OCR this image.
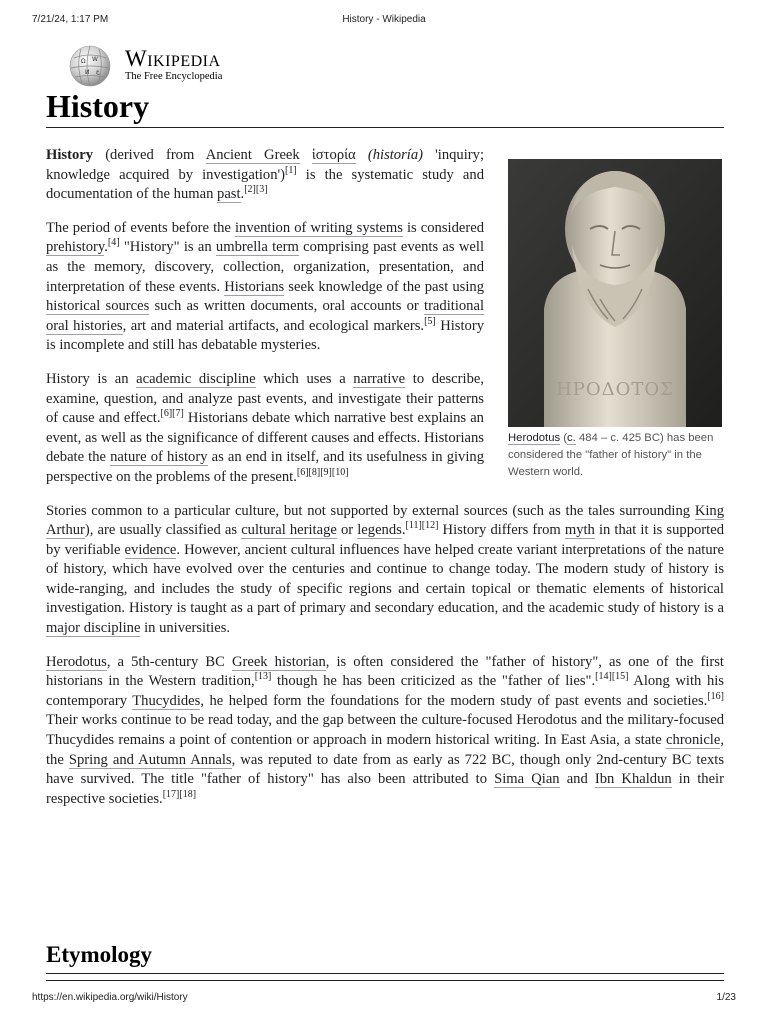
7/21/24, 1:17 PM	History - Wikipedia
Ω W
И ع
Wikipedia
The Free Encyclopedia
History
ΗΡΟΔΟΤΟΣ
Herodotus (c. 484 – c. 425 BC) has been considered the "father of history" in the Western world.

History (derived from Ancient Greek ἱστορία (historía) 'inquiry; knowledge acquired by investigation')[1] is the systematic study and documentation of the human past.[2][3]

The period of events before the invention of writing systems is considered prehistory.[4] "History" is an umbrella term comprising past events as well as the memory, discovery, collection, organization, presentation, and interpretation of these events. Historians seek knowledge of the past using historical sources such as written documents, oral accounts or traditional oral histories, art and material artifacts, and ecological markers.[5] History is incomplete and still has debatable mysteries.

History is an academic discipline which uses a narrative to describe, examine, question, and analyze past events, and investigate their patterns of cause and effect.[6][7] Historians debate which narrative best explains an event, as well as the significance of different causes and effects. Historians debate the nature of history as an end in itself, and its usefulness in giving perspective on the problems of the present.[6][8][9][10]

Stories common to a particular culture, but not supported by external sources (such as the tales surrounding King Arthur), are usually classified as cultural heritage or legends.[11][12] History differs from myth in that it is supported by verifiable evidence. However, ancient cultural influences have helped create variant interpretations of the nature of history, which have evolved over the centuries and continue to change today. The modern study of history is wide-ranging, and includes the study of specific regions and certain topical or thematic elements of historical investigation. History is taught as a part of primary and secondary education, and the academic study of history is a major discipline in universities.

Herodotus, a 5th-century BC Greek historian, is often considered the "father of history", as one of the first historians in the Western tradition,[13] though he has been criticized as the "father of lies".[14][15] Along with his contemporary Thucydides, he helped form the foundations for the modern study of past events and societies.[16] Their works continue to be read today, and the gap between the culture-focused Herodotus and the military-focused Thucydides remains a point of contention or approach in modern historical writing. In East Asia, a state chronicle, the Spring and Autumn Annals, was reputed to date from as early as 722 BC, though only 2nd-century BC texts have survived. The title "father of history" has also been attributed to Sima Qian and Ibn Khaldun in their respective societies.[17][18]

Etymology
https://en.wikipedia.org/wiki/History	1/23
